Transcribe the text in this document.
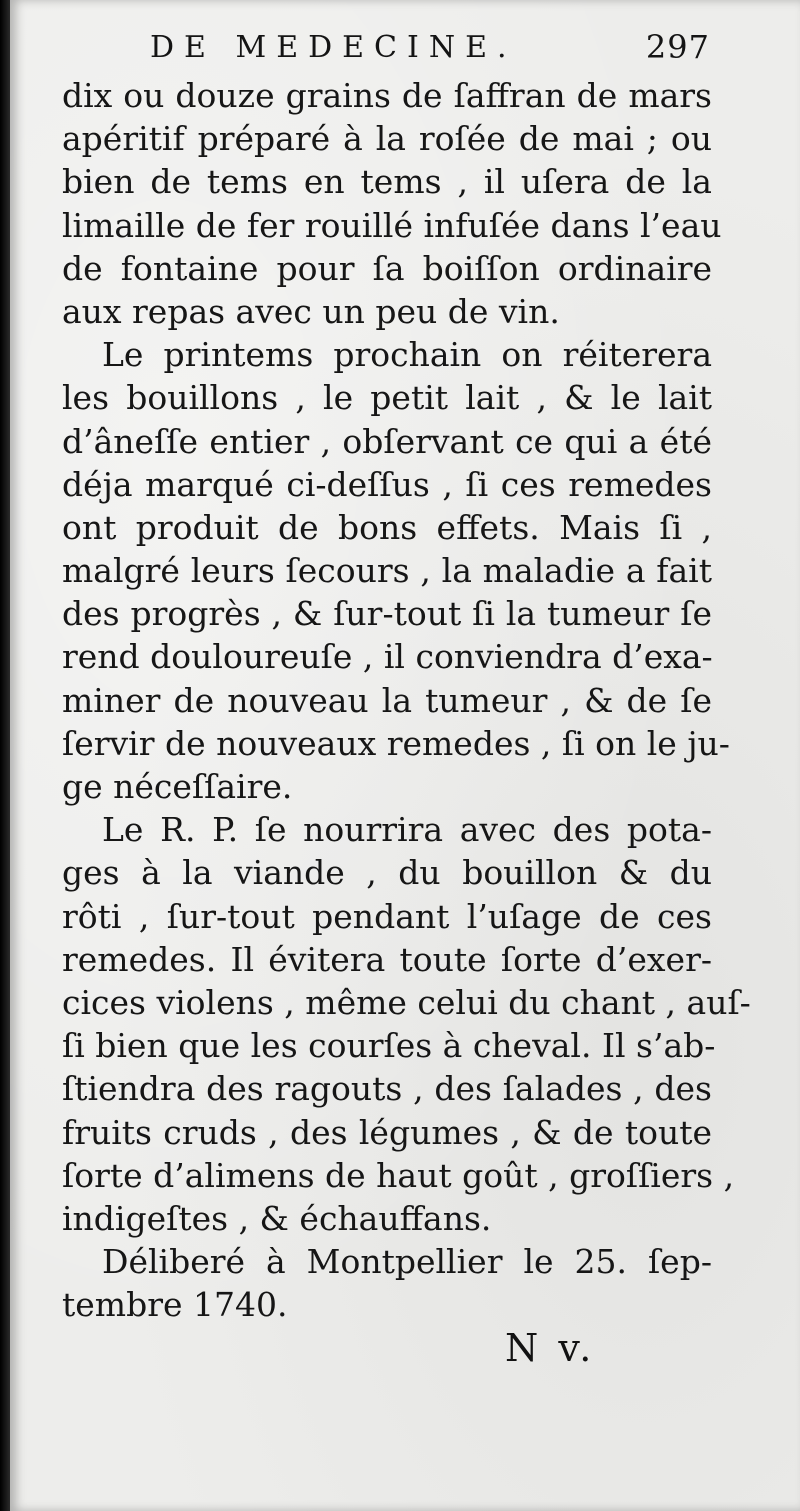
DE MEDECINE.	297
dix ou douze grains de ſaffran de mars
apéritif préparé à la roſée de mai ; ou
bien de tems en tems , il uſera de la
limaille de fer rouillé infuſée dans l’eau
de fontaine pour ſa boiſſon ordinaire
aux repas avec un peu de vin.
Le printems prochain on réiterera
les bouillons , le petit lait , & le lait
d’âneſſe entier , obſervant ce qui a été
déja marqué ci-deſſus , ſi ces remedes
ont produit de bons effets. Mais ſi ,
malgré leurs ſecours , la maladie a fait
des progrès , & ſur-tout ſi la tumeur ſe
rend douloureuſe , il conviendra d’exa-
miner de nouveau la tumeur , & de ſe
ſervir de nouveaux remedes , ſi on le ju-
ge néceſſaire.
Le R. P. ſe nourrira avec des pota-
ges à la viande , du bouillon & du
rôti , ſur-tout pendant l’uſage de ces
remedes. Il évitera toute ſorte d’exer-
cices violens , même celui du chant , auſ-
ſi bien que les courſes à cheval. Il s’ab-
ſtiendra des ragouts , des ſalades , des
fruits cruds , des légumes , & de toute
ſorte d’alimens de haut goût , groſſiers ,
indigeſtes , & échauffans.
Déliberé à Montpellier le 25. ſep-
tembre 1740.
N v.
